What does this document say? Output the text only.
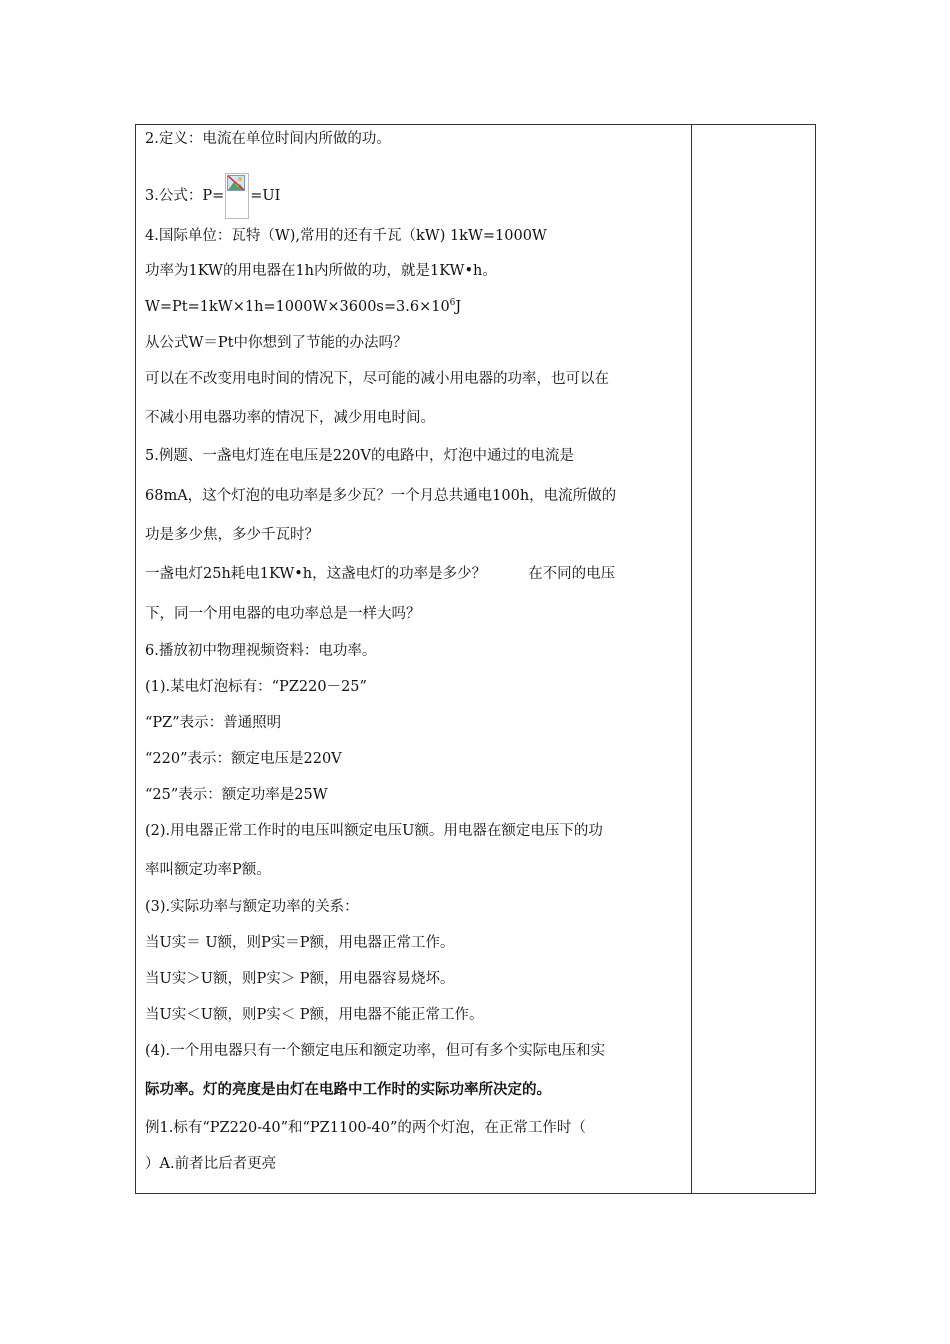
2.定义：电流在单位时间内所做的功。
3.公式：P= =UI
4.国际单位：瓦特（W),常用的还有千瓦（kW) 1kW=1000W
功率为1KW的用电器在1h内所做的功，就是1KW•h。
$W=Pt=1kW\times 1h=1000W\times 3600s=3.6\times 10^6J$
从公式W＝Pt中你想到了节能的办法吗？
可以在不改变用电时间的情况下，尽可能的减小用电器的功率，也可以在
不减小用电器功率的情况下，减少用电时间。
5.例题、一盏电灯连在电压是220V的电路中，灯泡中通过的电流是
68mA，这个灯泡的电功率是多少瓦？一个月总共通电100h，电流所做的
功是多少焦，多少千瓦时？
一盏电灯25h耗电1KW•h，这盏电灯的功率是多少？	在不同的电压
下，同一个用电器的电功率总是一样大吗？
6.播放初中物理视频资料：电功率。
(1).某电灯泡标有：“PZ220－25”
“PZ”表示：普通照明
“220”表示：额定电压是220V
“25”表示：额定功率是25W
(2).用电器正常工作时的电压叫额定电压U额。用电器在额定电压下的功
率叫额定功率P额。
(3).实际功率与额定功率的关系：
当U实＝ U额，则P实＝P额，用电器正常工作。
当U实＞U额，则P实＞ P额，用电器容易烧坏。
当U实＜U额，则P实＜ P额，用电器不能正常工作。
(4).一个用电器只有一个额定电压和额定功率，但可有多个实际电压和实
际功率。灯的亮度是由灯在电路中工作时的实际功率所决定的。
例1.标有“PZ220-40”和“PZ1100-40”的两个灯泡，在正常工作时（
）A.前者比后者更亮
